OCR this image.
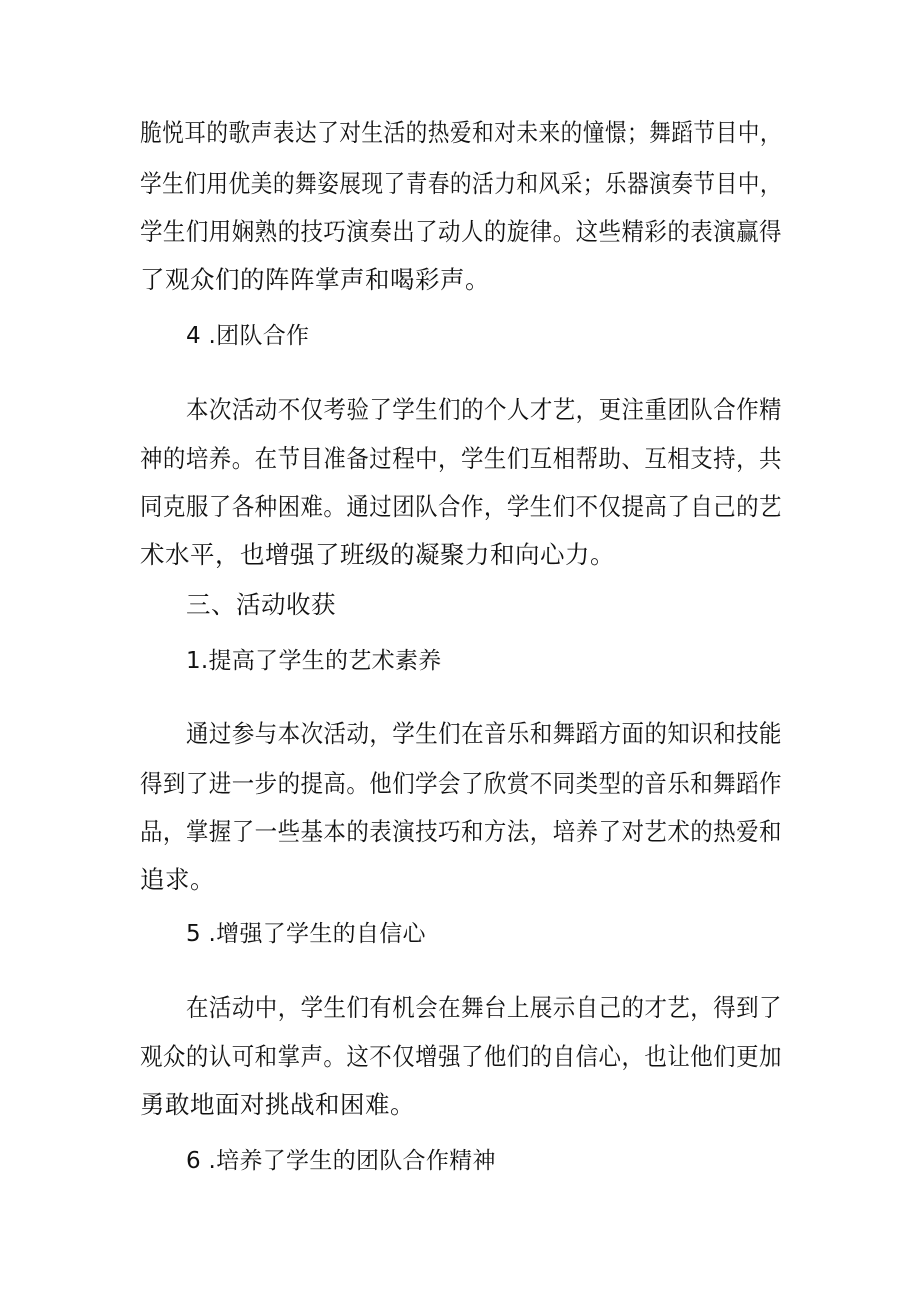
脆悦耳的歌声表达了对生活的热爱和对未来的憧憬；舞蹈节目中，
学生们用优美的舞姿展现了青春的活力和风采；乐器演奏节目中，
学生们用娴熟的技巧演奏出了动人的旋律。这些精彩的表演赢得
了观众们的阵阵掌声和喝彩声。
4 .团队合作
本次活动不仅考验了学生们的个人才艺，更注重团队合作精
神的培养。在节目准备过程中，学生们互相帮助、互相支持，共
同克服了各种困难。通过团队合作，学生们不仅提高了自己的艺
术水平，也增强了班级的凝聚力和向心力。
三、活动收获
1.提高了学生的艺术素养
通过参与本次活动，学生们在音乐和舞蹈方面的知识和技能
得到了进一步的提高。他们学会了欣赏不同类型的音乐和舞蹈作
品，掌握了一些基本的表演技巧和方法，培养了对艺术的热爱和
追求。
5 .增强了学生的自信心
在活动中，学生们有机会在舞台上展示自己的才艺，得到了
观众的认可和掌声。这不仅增强了他们的自信心，也让他们更加
勇敢地面对挑战和困难。
6 .培养了学生的团队合作精神
